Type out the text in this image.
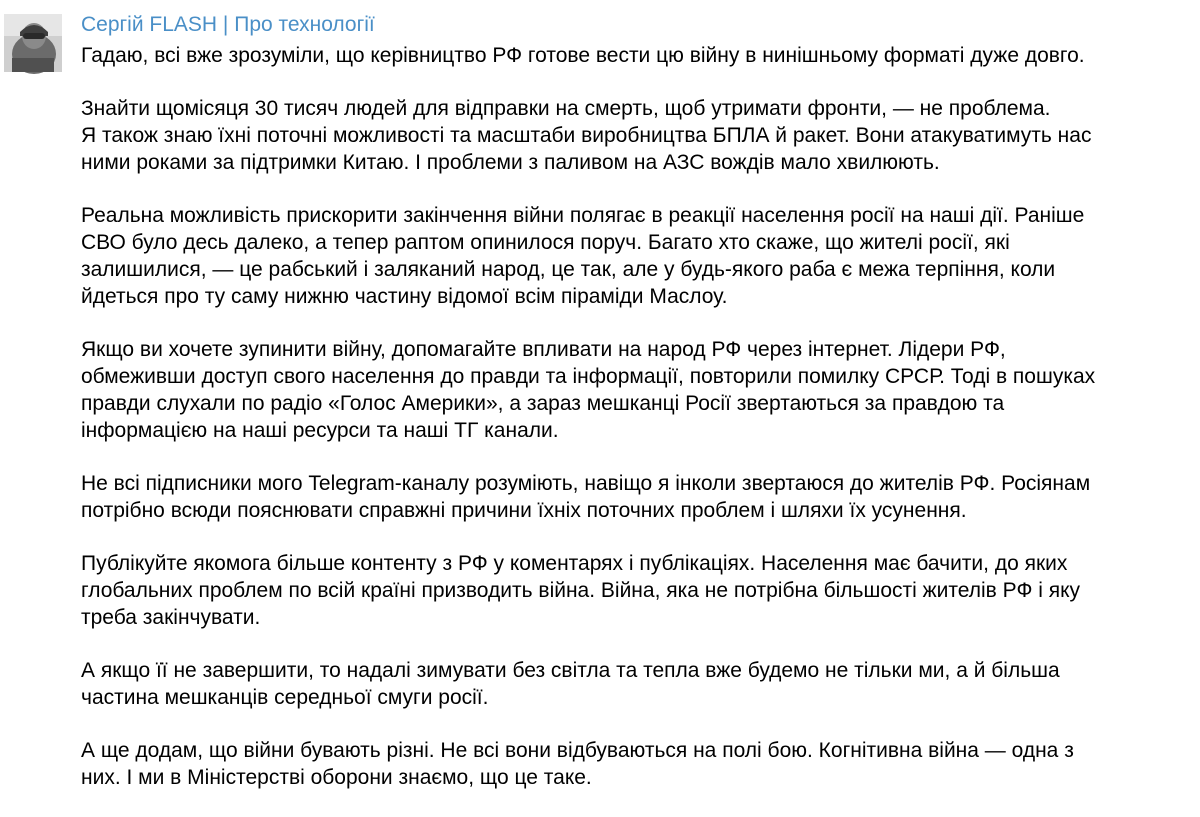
Сергій FLASH | Про технології
Гадаю, всі вже зрозуміли, що керівництво РФ готове вести цю війну в нинішньому форматі дуже довго.
Знайти щомісяця 30 тисяч людей для відправки на смерть, щоб утримати фронти, — не проблема.
Я також знаю їхні поточні можливості та масштаби виробництва БПЛА й ракет. Вони атакуватимуть нас
ними роками за підтримки Китаю. І проблеми з паливом на АЗС вождів мало хвилюють.
Реальна можливість прискорити закінчення війни полягає в реакції населення росії на наші дії. Раніше
СВО було десь далеко, а тепер раптом опинилося поруч. Багато хто скаже, що жителі росії, які
залишилися, — це рабський і заляканий народ, це так, але у будь-якого раба є межа терпіння, коли
йдеться про ту саму нижню частину відомої всім піраміди Маслоу.
Якщо ви хочете зупинити війну, допомагайте впливати на народ РФ через інтернет. Лідери РФ,
обмеживши доступ свого населення до правди та інформації, повторили помилку СРСР. Тоді в пошуках
правди слухали по радіо «Голос Америки», а зараз мешканці Росії звертаються за правдою та
інформацією на наші ресурси та наші ТГ канали.
Не всі підписники мого Telegram-каналу розуміють, навіщо я інколи звертаюся до жителів РФ. Росіянам
потрібно всюди пояснювати справжні причини їхніх поточних проблем і шляхи їх усунення.
Публікуйте якомога більше контенту з РФ у коментарях і публікаціях. Населення має бачити, до яких
глобальних проблем по всій країні призводить війна. Війна, яка не потрібна більшості жителів РФ і яку
треба закінчувати.
А якщо її не завершити, то надалі зимувати без світла та тепла вже будемо не тільки ми, а й більша
частина мешканців середньої смуги росії.
А ще додам, що війни бувають різні. Не всі вони відбуваються на полі бою. Когнітивна війна — одна з
них. І ми в Міністерстві оборони знаємо, що це таке.
